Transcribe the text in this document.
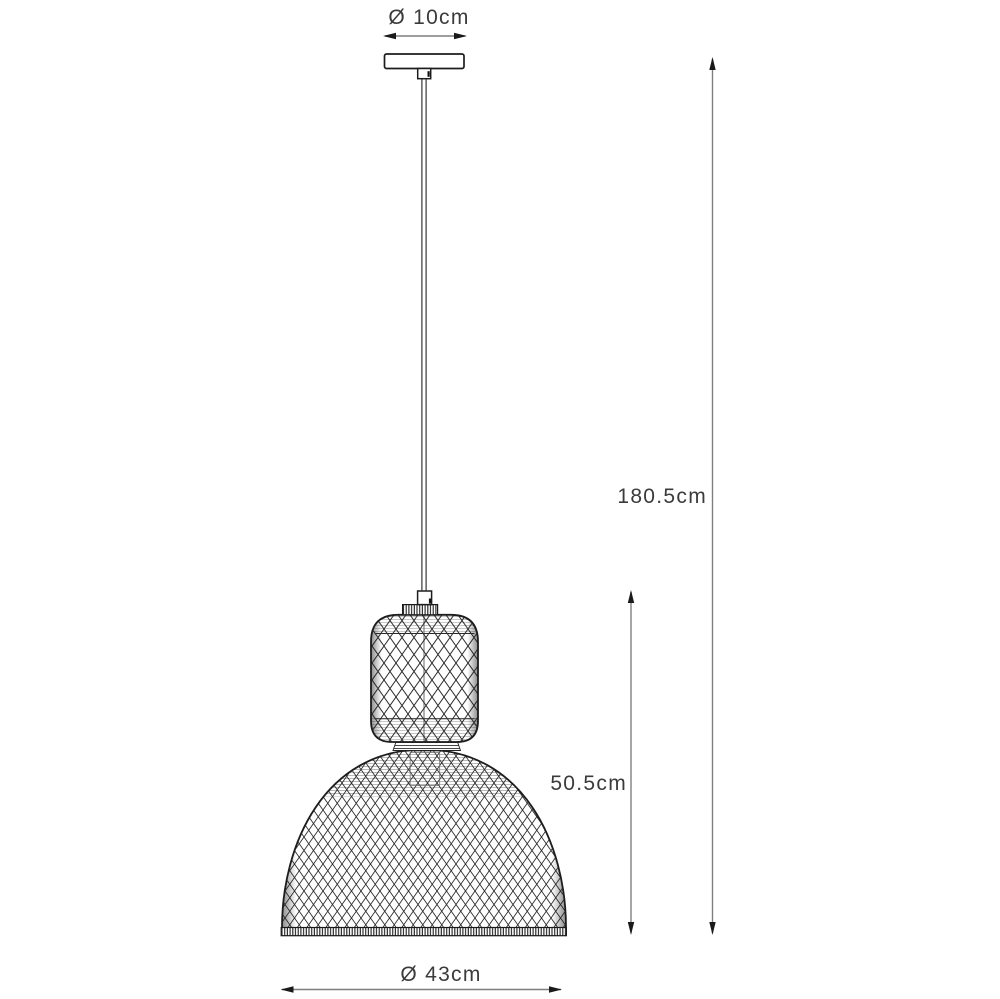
Ø 10cm
180.5cm
50.5cm
Ø 43cm
